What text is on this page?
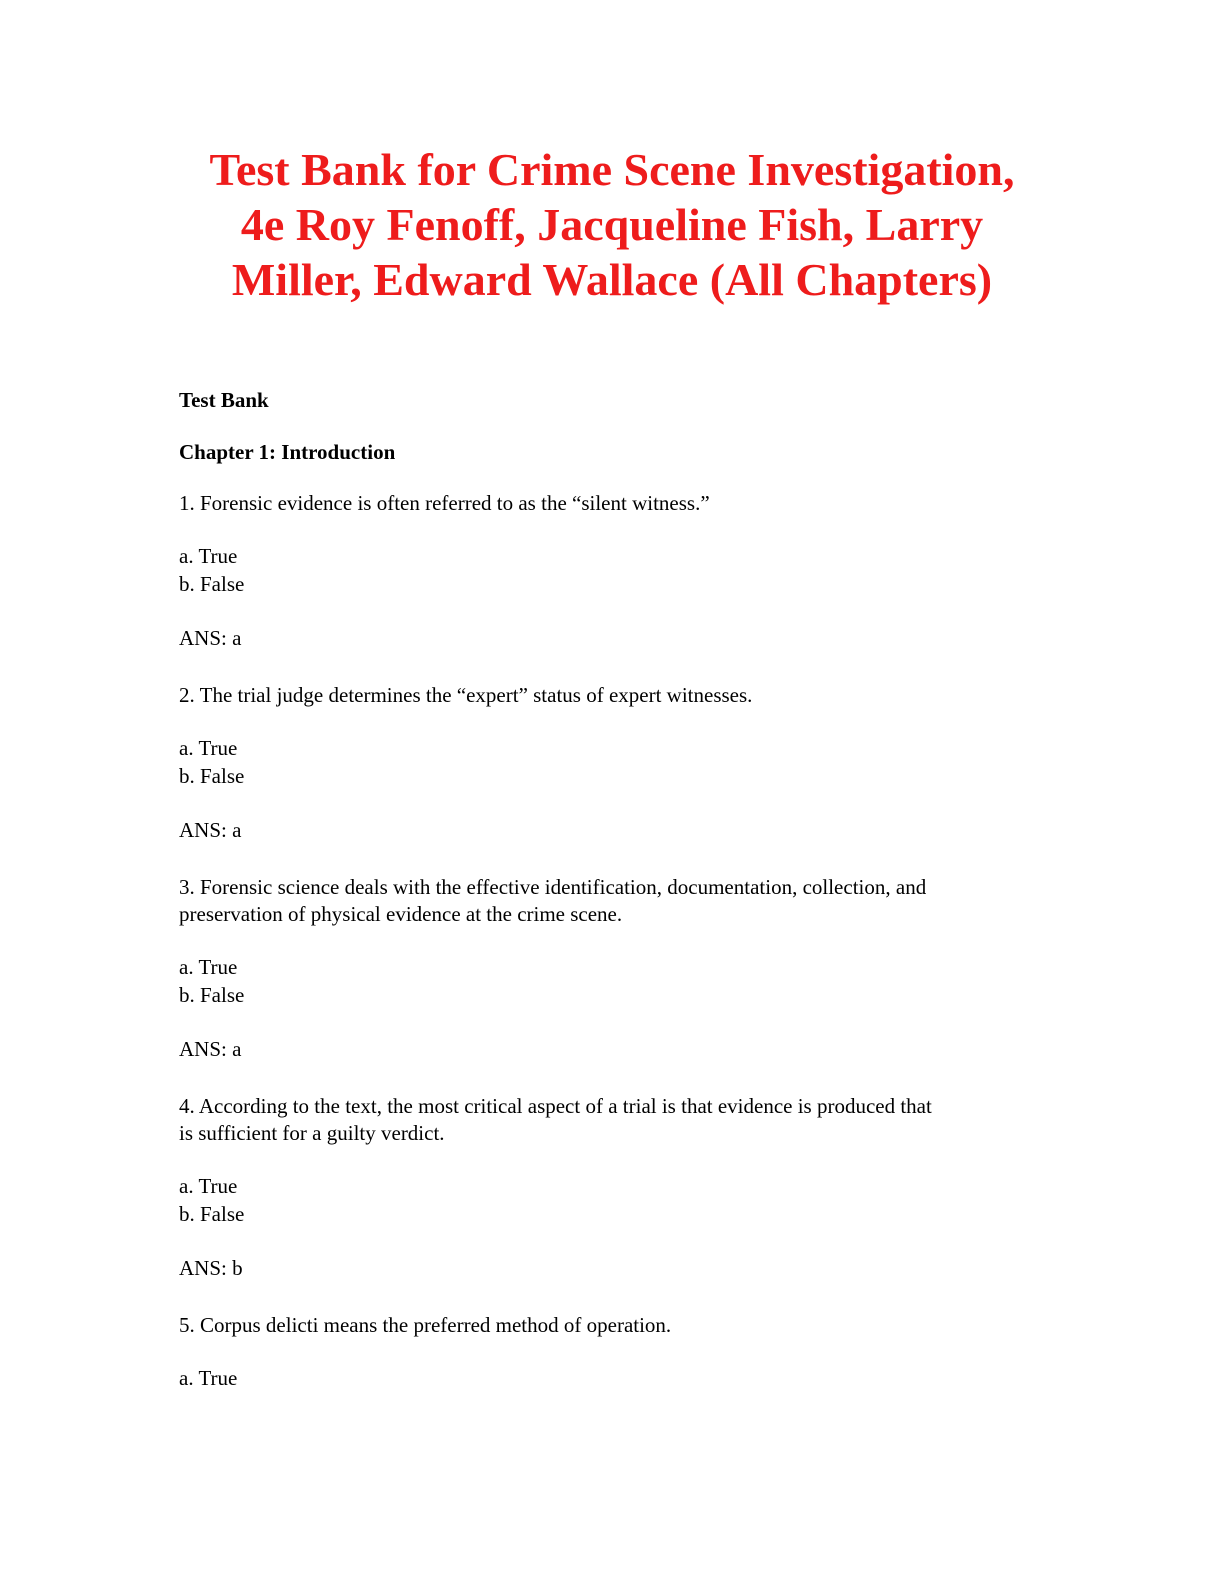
Test Bank for Crime Scene Investigation,
4e Roy Fenoff, Jacqueline Fish, Larry
Miller, Edward Wallace (All Chapters)

Test Bank

Chapter 1: Introduction

1. Forensic evidence is often referred to as the “silent witness.”

a. True
b. False

ANS: a

2. The trial judge determines the “expert” status of expert witnesses.

a. True
b. False

ANS: a

3. Forensic science deals with the effective identification, documentation, collection, and
preservation of physical evidence at the crime scene.

a. True
b. False

ANS: a

4. According to the text, the most critical aspect of a trial is that evidence is produced that
is sufficient for a guilty verdict.

a. True
b. False

ANS: b

5. Corpus delicti means the preferred method of operation.

a. True
